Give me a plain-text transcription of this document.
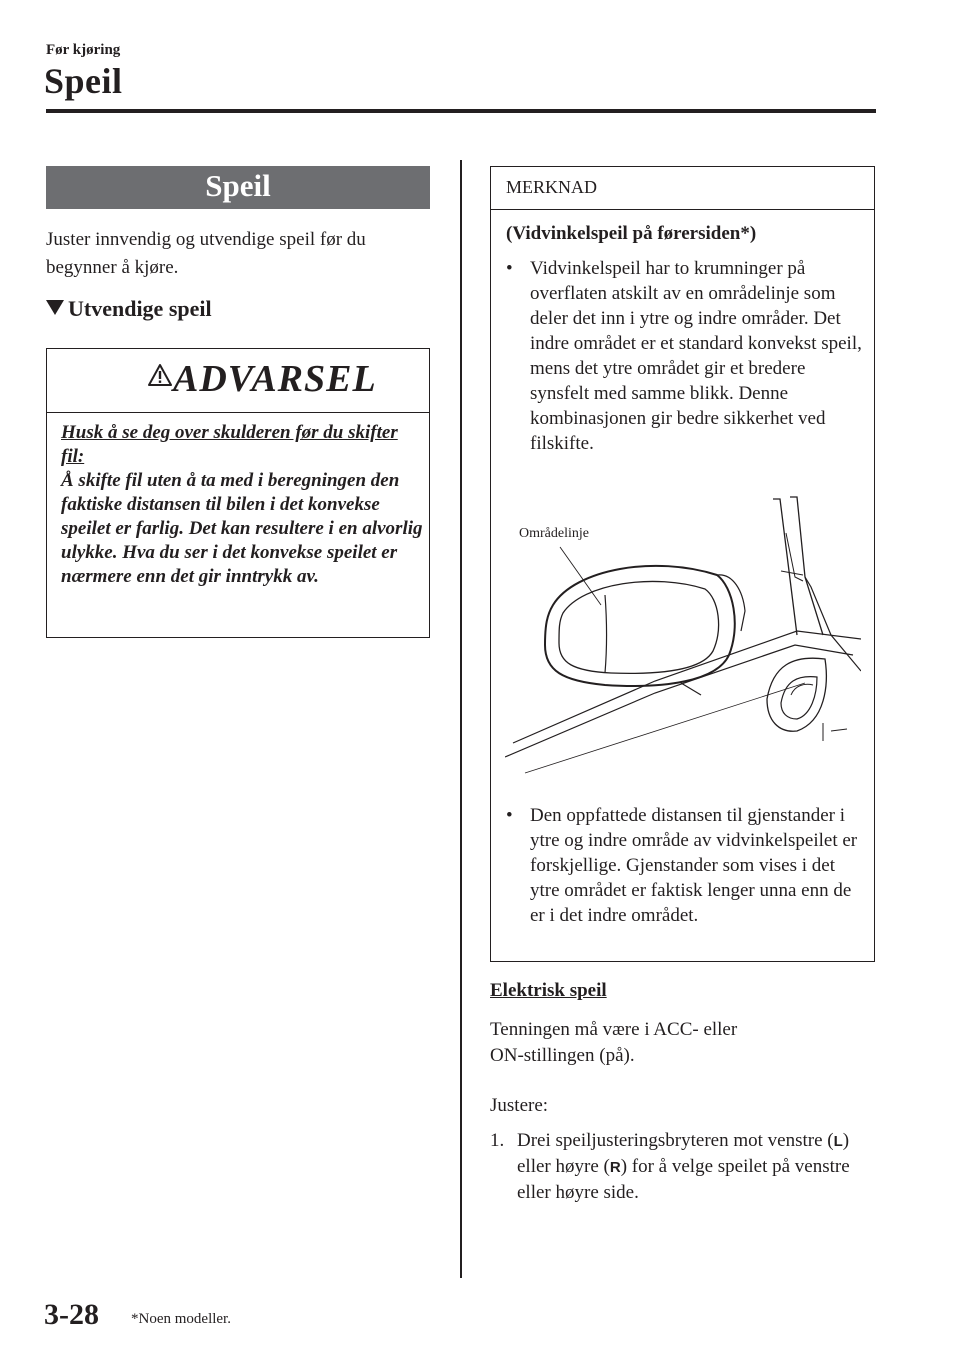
Før kjøring
Speil
Speil
Juster innvendig og utvendige speil før du begynner å kjøre.
Utvendige speil
ADVARSEL
Husk å se deg over skulderen før du skifter fil:
Å skifte fil uten å ta med i beregningen den faktiske distansen til bilen i det konvekse speilet er farlig. Det kan resultere i en alvorlig ulykke. Hva du ser i det konvekse speilet er nærmere enn det gir inntrykk av.
MERKNAD
(Vidvinkelspeil på førersiden*)
• Vidvinkelspeil har to krumninger på overflaten atskilt av en områdelinje som deler det inn i ytre og indre områder. Det indre området er et standard konvekst speil, mens det ytre området gir et bredere synsfelt med samme blikk. Denne kombinasjonen gir bedre sikkerhet ved filskifte.
Områdelinje
• Den oppfattede distansen til gjenstander i ytre og indre område av vidvinkelspeilet er forskjellige. Gjenstander som vises i det ytre området er faktisk lenger unna enn de er i det indre området.
Elektrisk speil
Tenningen må være i ACC- eller
ON-stillingen (på).
Justere:
1. Drei speiljusteringsbryteren mot venstre (L) eller høyre (R) for å velge speilet på venstre eller høyre side.
3-28 *Noen modeller.
